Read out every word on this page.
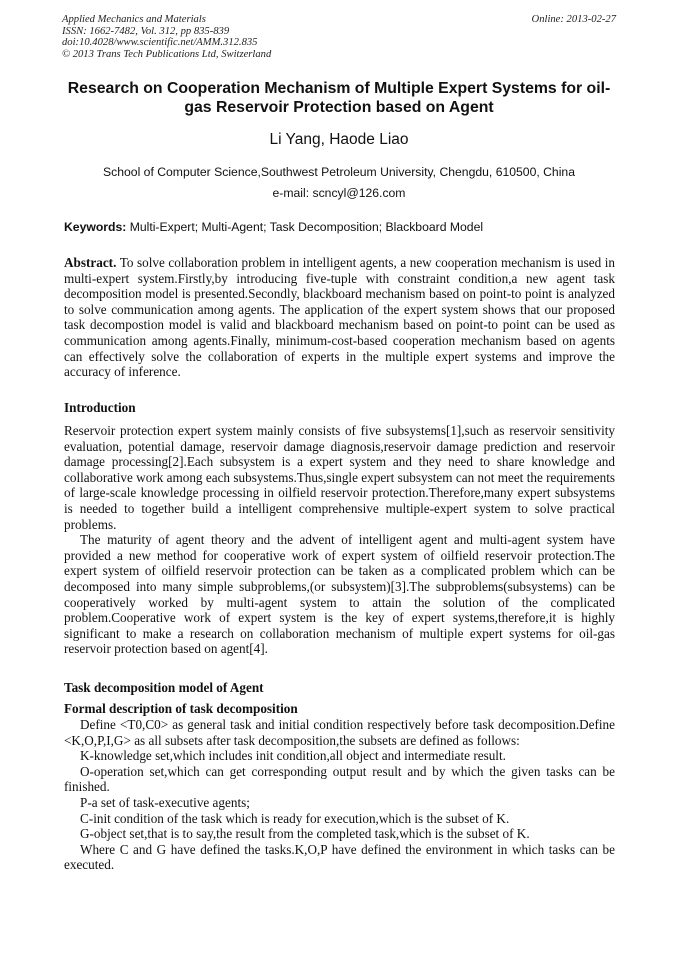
Applied Mechanics and Materials
ISSN: 1662-7482, Vol. 312, pp 835-839
doi:10.4028/www.scientific.net/AMM.312.835
© 2013 Trans Tech Publications Ltd, Switzerland
Online: 2013-02-27
Research on Cooperation Mechanism of Multiple Expert Systems for oil-gas Reservoir Protection based on Agent
Li Yang, Haode Liao
School of Computer Science,Southwest Petroleum University, Chengdu, 610500, China
e-mail: scncyl@126.com
Keywords: Multi-Expert; Multi-Agent; Task Decomposition; Blackboard Model

Abstract. To solve collaboration problem in intelligent agents, a new cooperation mechanism is used in multi-expert system.Firstly,by introducing five-tuple with constraint condition,a new agent task decomposition model is presented.Secondly, blackboard mechanism based on point-to point is analyzed to solve communication among agents. The application of the expert system shows that our proposed task decompostion model is valid and blackboard mechanism based on point-to point can be used as communication among agents.Finally, minimum-cost-based cooperation mechanism based on agents can effectively solve the collaboration of experts in the multiple expert systems and improve the accuracy of inference.

Introduction

Reservoir protection expert system mainly consists of five subsystems[1],such as reservoir sensitivity evaluation, potential damage, reservoir damage diagnosis,reservoir damage prediction and reservoir damage processing[2].Each subsystem is a expert system and they need to share knowledge and collaborative work among each subsystems.Thus,single expert subsystem can not meet the requirements of large-scale knowledge processing in oilfield reservoir protection.Therefore,many expert subsystems is needed to together build a intelligent comprehensive multiple-expert system to solve practical problems.

The maturity of agent theory and the advent of intelligent agent and multi-agent system have provided a new method for cooperative work of expert system of oilfield reservoir protection.The expert system of oilfield reservoir protection can be taken as a complicated problem which can be decomposed into many simple subproblems,(or subsystem)[3].The subproblems(subsystems) can be cooperatively worked by multi-agent system to attain the solution of the complicated problem.Cooperative work of expert system is the key of expert systems,therefore,it is highly significant to make a research on collaboration mechanism of multiple expert systems for oil-gas reservoir protection based on agent[4].

Task decomposition model of Agent
Formal description of task decomposition

Define <T0,C0> as general task and initial condition respectively before task decomposition.Define <K,O,P,I,G> as all subsets after task decomposition,the subsets are defined as follows:

K-knowledge set,which includes init condition,all object and intermediate result.

O-operation set,which can get corresponding output result and by which the given tasks can be finished.

P-a set of task-executive agents;

C-init condition of the task which is ready for execution,which is the subset of K.

G-object set,that is to say,the result from the completed task,which is the subset of K.

Where C and G have defined the tasks.K,O,P have defined the environment in which tasks can be executed.
